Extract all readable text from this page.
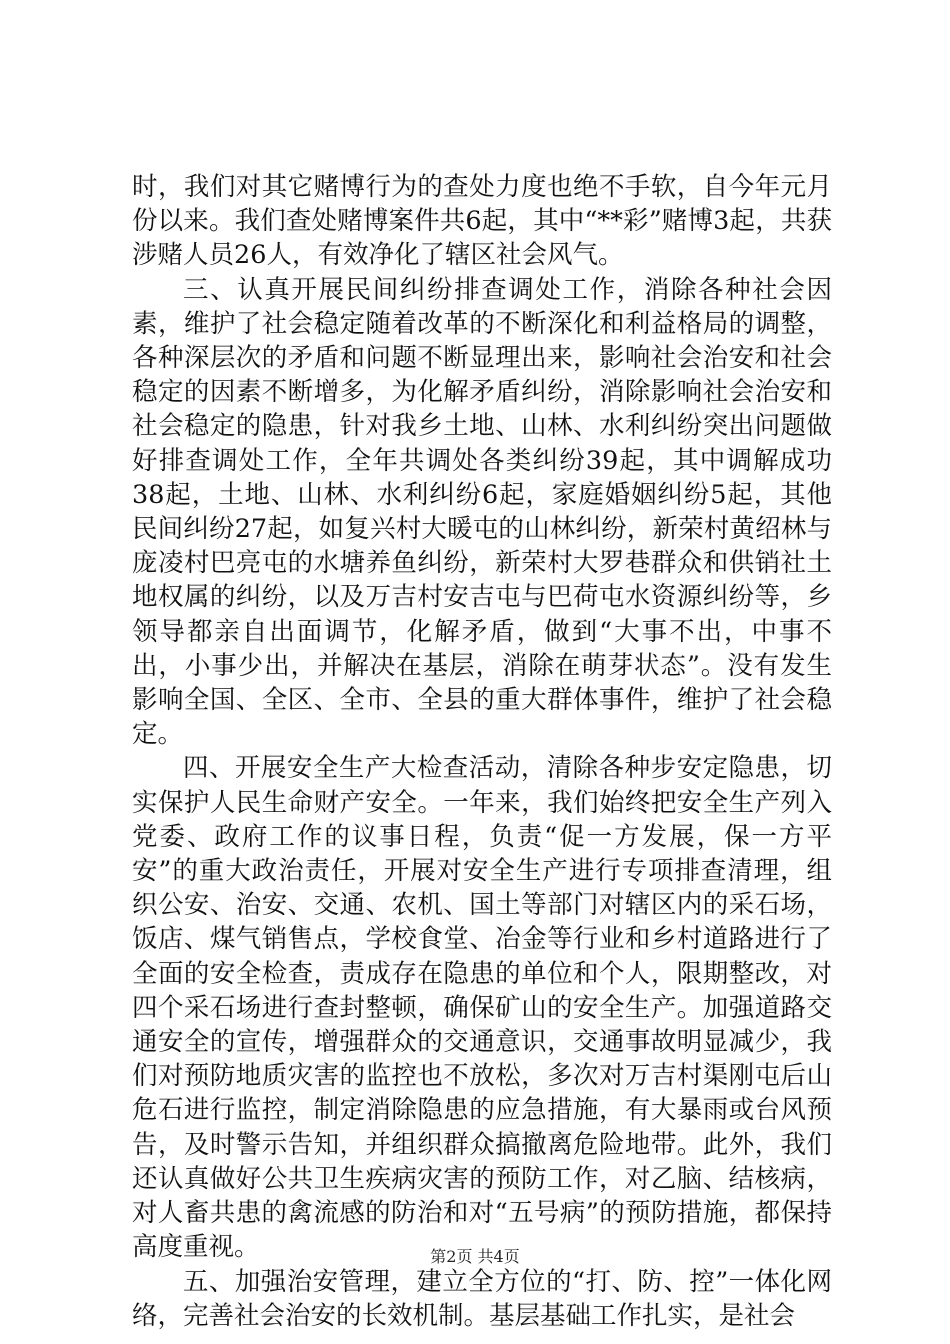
时，我们对其它赌博行为的查处力度也绝不手软，自今年元月份以来。我们查处赌博案件共6起，其中“**彩”赌博3起，共获涉赌人员26人，有效净化了辖区社会风气。

三、认真开展民间纠纷排查调处工作，消除各种社会因素，维护了社会稳定随着改革的不断深化和利益格局的调整，各种深层次的矛盾和问题不断显理出来，影响社会治安和社会稳定的因素不断增多，为化解矛盾纠纷，消除影响社会治安和社会稳定的隐患，针对我乡土地、山林、水利纠纷突出问题做好排查调处工作，全年共调处各类纠纷39起，其中调解成功38起，土地、山林、水利纠纷6起，家庭婚姻纠纷5起，其他民间纠纷27起，如复兴村大暖屯的山林纠纷，新荣村黄绍林与庞凌村巴亮屯的水塘养鱼纠纷，新荣村大罗巷群众和供销社土地权属的纠纷，以及万吉村安吉屯与巴荷屯水资源纠纷等，乡领导都亲自出面调节，化解矛盾，做到“大事不出，中事不出，小事少出，并解决在基层，消除在萌芽状态”。没有发生影响全国、全区、全市、全县的重大群体事件，维护了社会稳定。

四、开展安全生产大检查活动，清除各种步安定隐患，切实保护人民生命财产安全。一年来，我们始终把安全生产列入党委、政府工作的议事日程，负责“促一方发展，保一方平安”的重大政治责任，开展对安全生产进行专项排查清理，组织公安、治安、交通、农机、国土等部门对辖区内的采石场，饭店、煤气销售点，学校食堂、冶金等行业和乡村道路进行了全面的安全检查，责成存在隐患的单位和个人，限期整改，对四个采石场进行查封整顿，确保矿山的安全生产。加强道路交通安全的宣传，增强群众的交通意识，交通事故明显减少，我们对预防地质灾害的监控也不放松，多次对万吉村渠刚屯后山危石进行监控，制定消除隐患的应急措施，有大暴雨或台风预告，及时警示告知，并组织群众搞撤离危险地带。此外，我们还认真做好公共卫生疾病灾害的预防工作，对乙脑、结核病，对人畜共患的禽流感的防治和对“五号病”的预防措施，都保持高度重视。

五、加强治安管理，建立全方位的“打、防、控”一体化网络，完善社会治安的长效机制。基层基础工作扎实，是社会

第2页 共4页
